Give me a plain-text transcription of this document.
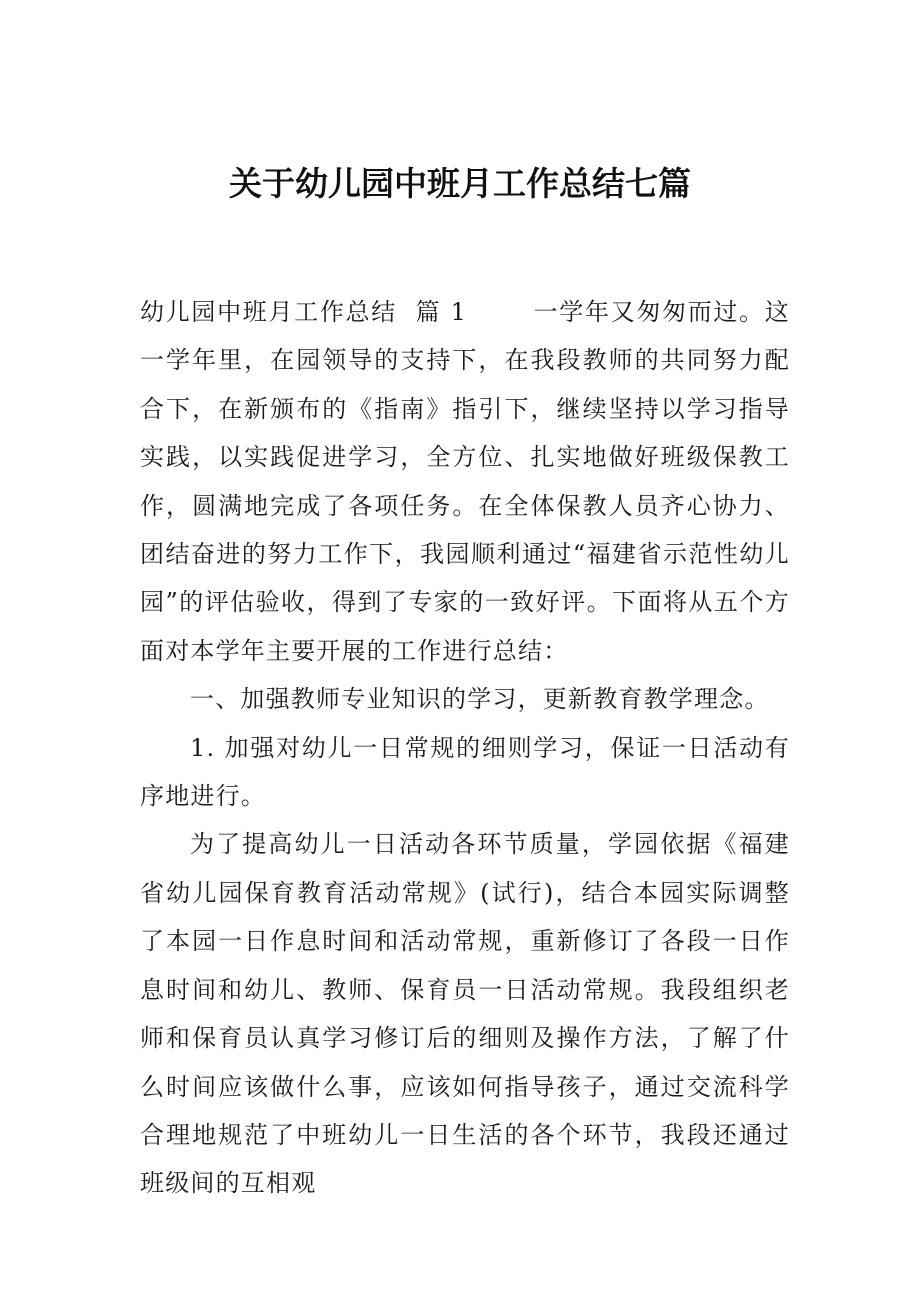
关于幼儿园中班月工作总结七篇

幼儿园中班月工作总结  篇 1	一学年又匆匆而过。这一学年里，在园领导的支持下，在我段教师的共同努力配合下，在新颁布的《指南》指引下，继续坚持以学习指导实践，以实践促进学习，全方位、扎实地做好班级保教工作，圆满地完成了各项任务。在全体保教人员齐心协力、团结奋进的努力工作下，我园顺利通过“福建省示范性幼儿园”的评估验收，得到了专家的一致好评。下面将从五个方面对本学年主要开展的工作进行总结：

一、加强教师专业知识的学习，更新教育教学理念。

1. 加强对幼儿一日常规的细则学习，保证一日活动有序地进行。

为了提高幼儿一日活动各环节质量，学园依据《福建省幼儿园保育教育活动常规》(试行)，结合本园实际调整了本园一日作息时间和活动常规，重新修订了各段一日作息时间和幼儿、教师、保育员一日活动常规。我段组织老师和保育员认真学习修订后的细则及操作方法，了解了什么时间应该做什么事，应该如何指导孩子，通过交流科学合理地规范了中班幼儿一日生活的各个环节，我段还通过班级间的互相观
